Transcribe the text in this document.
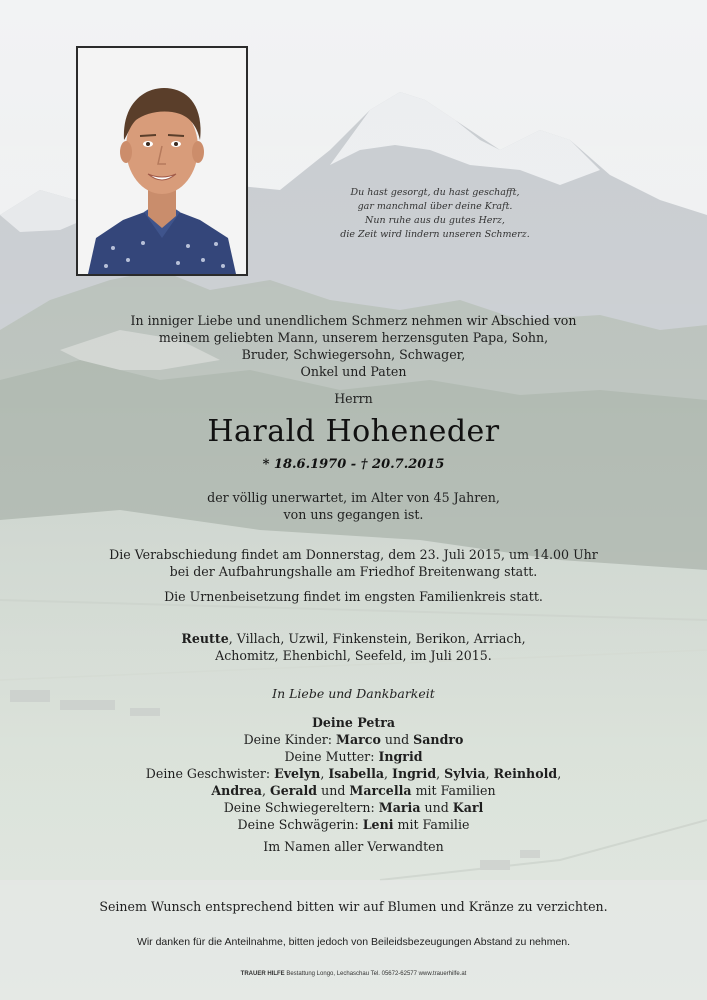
Du hast gesorgt, du hast geschafft,
gar manchmal über deine Kraft.
Nun ruhe aus du gutes Herz,
die Zeit wird lindern unseren Schmerz.
In inniger Liebe und unendlichem Schmerz nehmen wir Abschied von
meinem geliebten Mann, unserem herzensguten Papa, Sohn,
Bruder, Schwiegersohn, Schwager,
Onkel und Paten
Herrn
Harald Hoheneder
* 18.6.1970 - † 20.7.2015
der völlig unerwartet, im Alter von 45 Jahren,
von uns gegangen ist.
Die Verabschiedung findet am Donnerstag, dem 23. Juli 2015, um 14.00 Uhr
bei der Aufbahrungshalle am Friedhof Breitenwang statt.
Die Urnenbeisetzung findet im engsten Familienkreis statt.
Reutte, Villach, Uzwil, Finkenstein, Berikon, Arriach,
Achomitz, Ehenbichl, Seefeld, im Juli 2015.
In Liebe und Dankbarkeit
Deine Petra
Deine Kinder: Marco und Sandro
Deine Mutter: Ingrid
Deine Geschwister: Evelyn, Isabella, Ingrid, Sylvia, Reinhold,
Andrea, Gerald und Marcella mit Familien
Deine Schwiegereltern: Maria und Karl
Deine Schwägerin: Leni mit Familie
Im Namen aller Verwandten
Seinem Wunsch entsprechend bitten wir auf Blumen und Kränze zu verzichten.
Wir danken für die Anteilnahme, bitten jedoch von Beileidsbezeugungen Abstand zu nehmen.
TRAUER HILFE Bestattung Longo, Lechaschau Tel. 05672-62577 www.trauerhilfe.at
